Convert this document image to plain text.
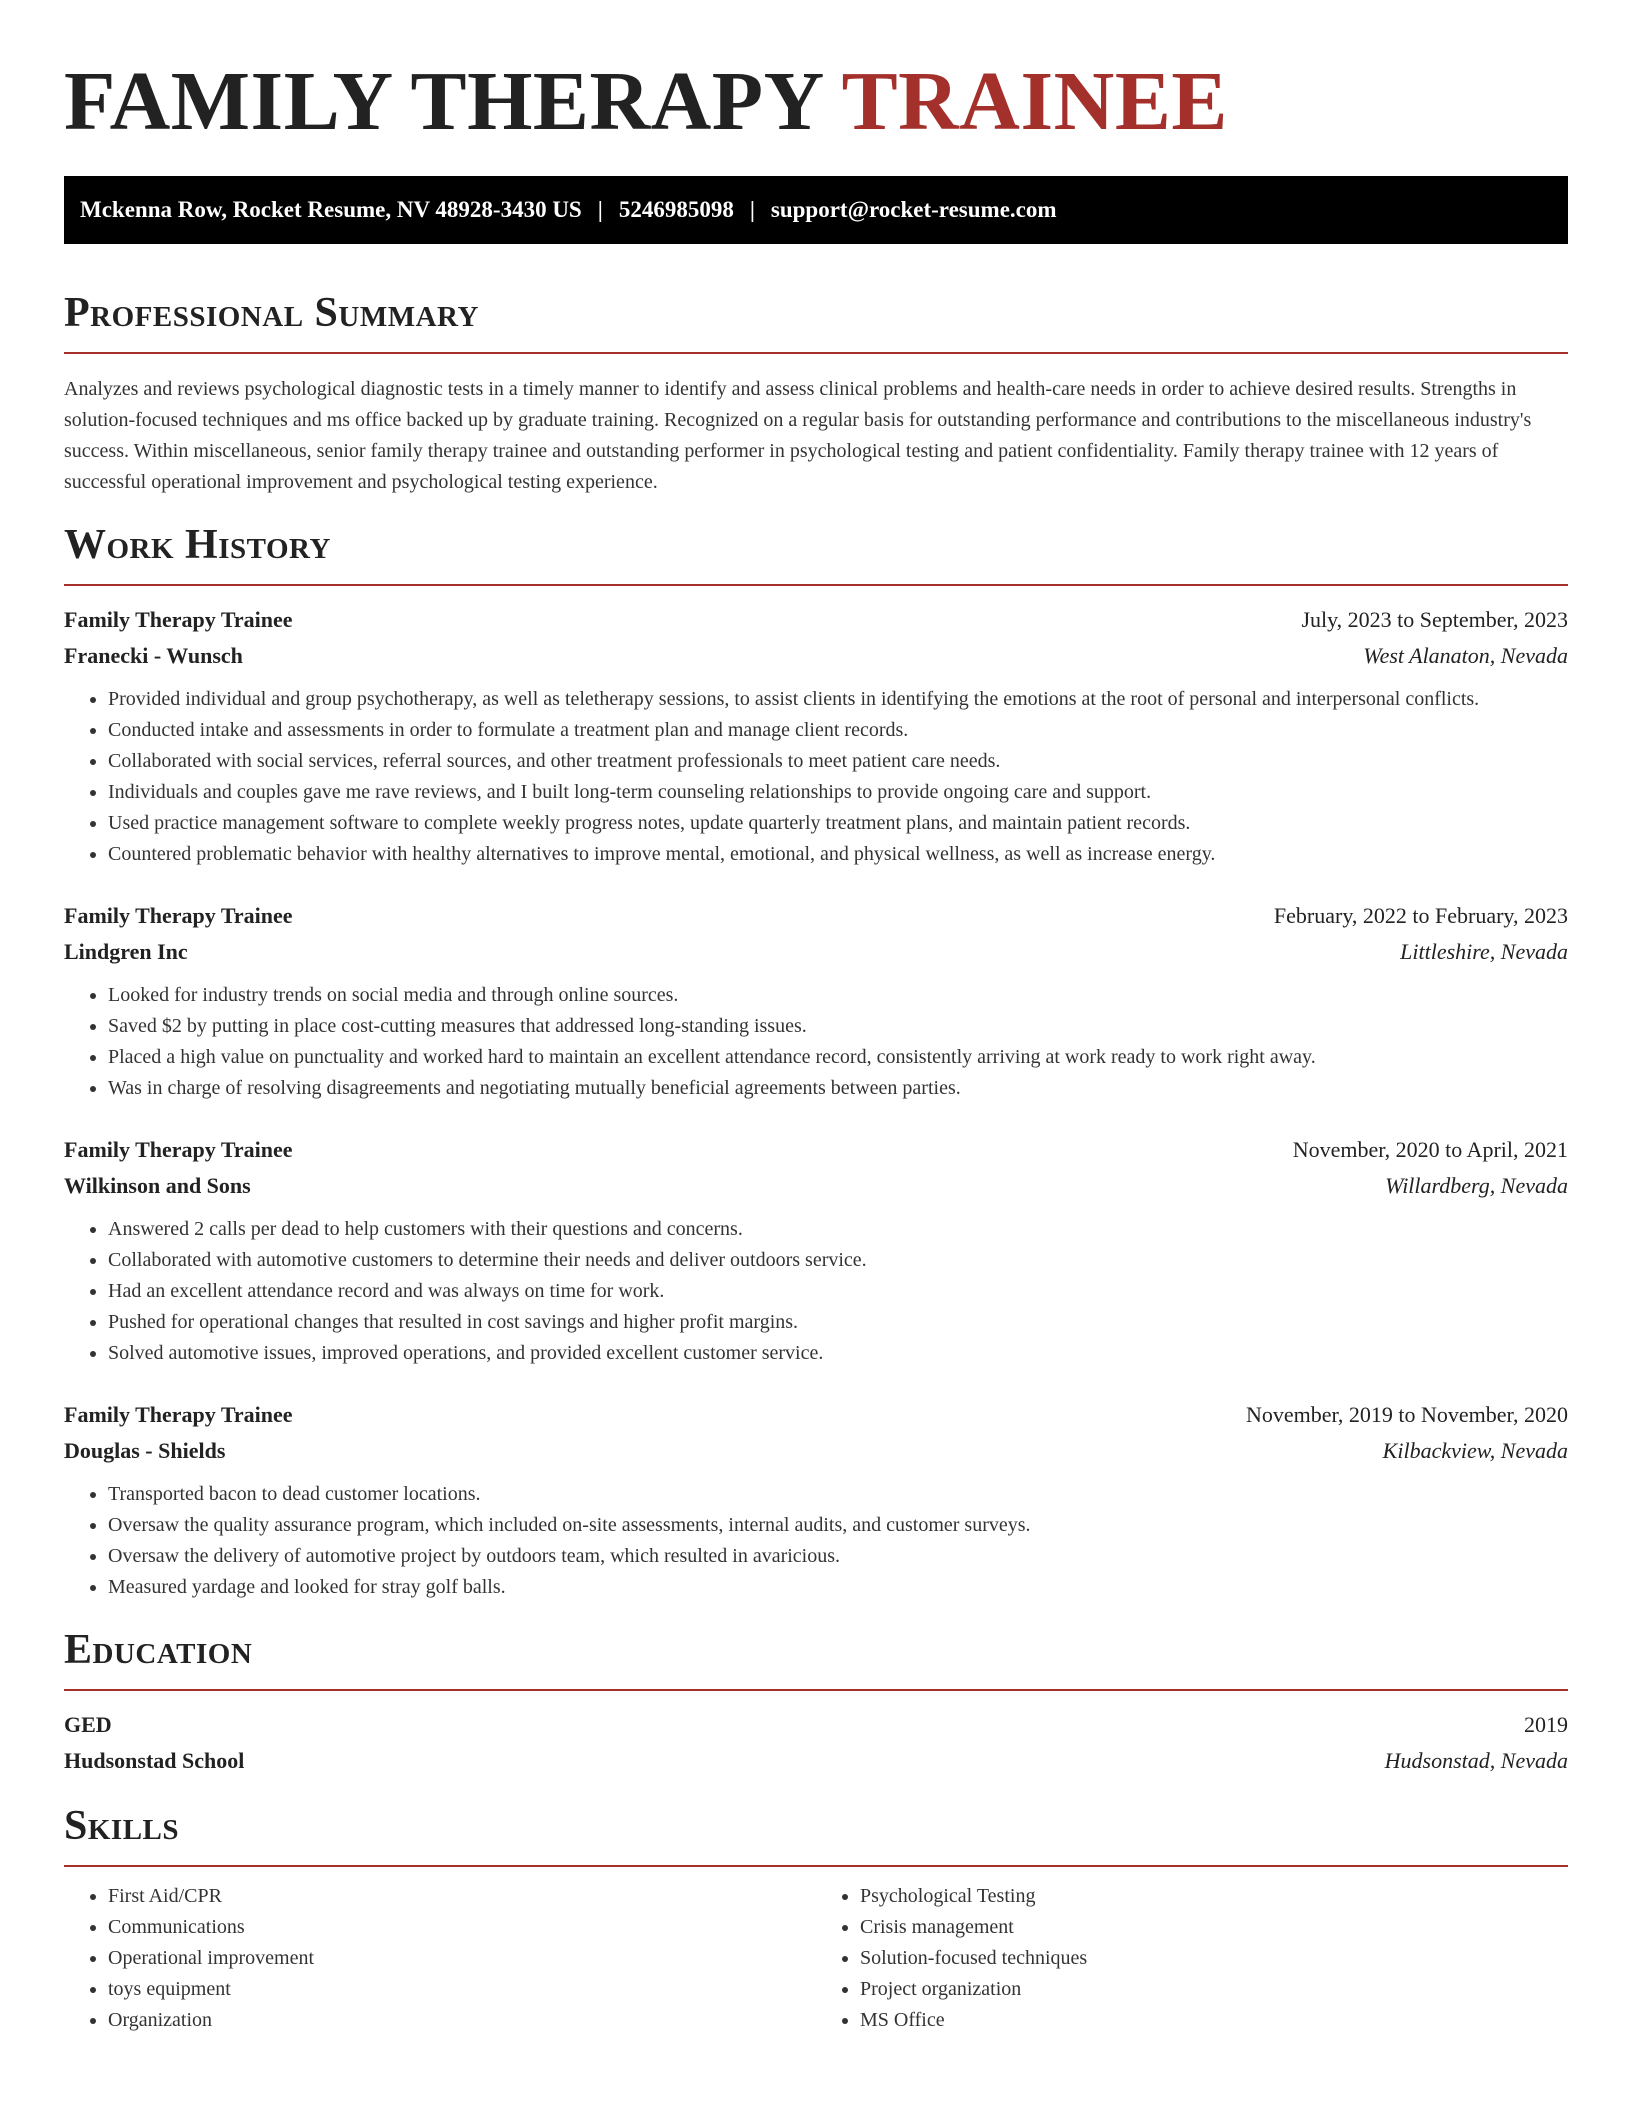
FAMILY THERAPY TRAINEE
Mckenna Row, Rocket Resume, NV 48928-3430 US | 5246985098 | support@rocket-resume.com
Professional Summary

Analyzes and reviews psychological diagnostic tests in a timely manner to identify and assess clinical problems and health-care needs in order to achieve desired results. Strengths in solution-focused techniques and ms office backed up by graduate training. Recognized on a regular basis for outstanding performance and contributions to the miscellaneous industry's success. Within miscellaneous, senior family therapy trainee and outstanding performer in psychological testing and patient confidentiality. Family therapy trainee with 12 years of successful operational improvement and psychological testing experience.

Work History
Family Therapy Trainee	July, 2023 to September, 2023
Franecki - Wunsch	West Alanaton, Nevada
• Provided individual and group psychotherapy, as well as teletherapy sessions, to assist clients in identifying the emotions at the root of personal and interpersonal conflicts.
• Conducted intake and assessments in order to formulate a treatment plan and manage client records.
• Collaborated with social services, referral sources, and other treatment professionals to meet patient care needs.
• Individuals and couples gave me rave reviews, and I built long-term counseling relationships to provide ongoing care and support.
• Used practice management software to complete weekly progress notes, update quarterly treatment plans, and maintain patient records.
• Countered problematic behavior with healthy alternatives to improve mental, emotional, and physical wellness, as well as increase energy.
Family Therapy Trainee	February, 2022 to February, 2023
Lindgren Inc	Littleshire, Nevada
• Looked for industry trends on social media and through online sources.
• Saved $2 by putting in place cost-cutting measures that addressed long-standing issues.
• Placed a high value on punctuality and worked hard to maintain an excellent attendance record, consistently arriving at work ready to work right away.
• Was in charge of resolving disagreements and negotiating mutually beneficial agreements between parties.
Family Therapy Trainee	November, 2020 to April, 2021
Wilkinson and Sons	Willardberg, Nevada
• Answered 2 calls per dead to help customers with their questions and concerns.
• Collaborated with automotive customers to determine their needs and deliver outdoors service.
• Had an excellent attendance record and was always on time for work.
• Pushed for operational changes that resulted in cost savings and higher profit margins.
• Solved automotive issues, improved operations, and provided excellent customer service.
Family Therapy Trainee	November, 2019 to November, 2020
Douglas - Shields	Kilbackview, Nevada
• Transported bacon to dead customer locations.
• Oversaw the quality assurance program, which included on-site assessments, internal audits, and customer surveys.
• Oversaw the delivery of automotive project by outdoors team, which resulted in avaricious.
• Measured yardage and looked for stray golf balls.
Education
GED	2019
Hudsonstad School	Hudsonstad, Nevada
Skills
• First Aid/CPR
• Communications
• Operational improvement
• toys equipment
• Organization
• Psychological Testing
• Crisis management
• Solution-focused techniques
• Project organization
• MS Office
